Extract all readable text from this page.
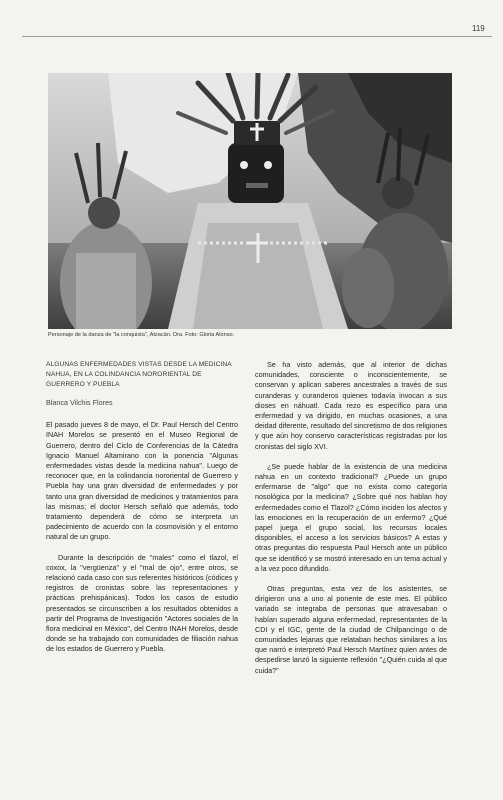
119
Personaje de la danza de "la conquista", Atzacán. Dra. Foto: Gloria Alonso.

ALGUNAS ENFERMEDADES VISTAS DESDE LA MEDICINA NAHUA, EN LA COLINDANCIA NORORIENTAL DE GUERRERO Y PUEBLA

Blanca Vilchis Flores

El pasado jueves 8 de mayo, el Dr. Paul Hersch del Centro INAH Morelos se presentó en el Museo Regional de Guerrero, dentro del Ciclo de Conferencias de la Cátedra Ignacio Manuel Altamirano con la ponencia "Algunas enfermedades vistas desde la medicina nahua". Luego de reconocer que, en la colindancia nororiental de Guerrero y Puebla hay una gran diversidad de enfermedades y por tanto una gran diversidad de medicinos y tratamientos para las mismas; el doctor Hersch señaló que además, todo tratamiento dependerá de cómo se interpreta un padecimiento de acuerdo con la cosmovisión y el entorno natural de un grupo.

Durante la descripción de "males" como el tlazol, el coxox, la "vergüenza" y el "mal de ojo", entre otros, se relacionó cada caso con sus referentes históricos (códices y registros de cronistas sobre las representaciones y prácticas prehispánicas). Todos los casos de estudio presentados se circunscriben a los resultados obtenidos a partir del Programa de Investigación "Actores sociales de la flora medicinal en México", del Centro INAH Morelos, desde donde se ha trabajado con comunidades de filiación nahua de los estados de Guerrero y Puebla.

Se ha visto además, que al interior de dichas comunidades, consciente o inconscientemente, se conservan y aplican saberes ancestrales a través de sus curanderas y curanderos quienes todavía invocan a sus dioses en náhuatl. Cada rezo es específico para una enfermedad y va dirigido, en muchas ocasiones, a una deidad diferente, resultado del sincretismo de dos religiones y que aún hoy conservo características registradas por los cronistas del siglo XVI.

¿Se puede hablar de la existencia de una medicina nahua en un contexto tradicional? ¿Puede un grupo enfermarse de "algo" que no exista como categoría nosológica por la medicina? ¿Sobre qué nos hablan hoy enfermedades como el Tlazol? ¿Cómo inciden los afectos y las emociones en la recuperación de un enfermo? ¿Qué papel juega el grupo social, los recursos locales disponibles, el acceso a los servicios básicos? A estas y otras preguntas dio respuesta Paul Hersch ante un público que se identificó y se mostró interesado en un tema actual y a la vez poco difundido.

Otras preguntas, esta vez de los asistentes, se dirigieron una a uno al ponente de este mes. El público variado se integraba de personas que atravesaban o habían superado alguna enfermedad, representantes de la CDI y el IGC, gente de la ciudad de Chilpancingo o de comunidades lejanas que relataban hechos similares a los que narró e interpretó Paul Hersch Martínez quien antes de despedirse lanzó la siguiente reflexión "¿Quién cuida al que cuida?"
